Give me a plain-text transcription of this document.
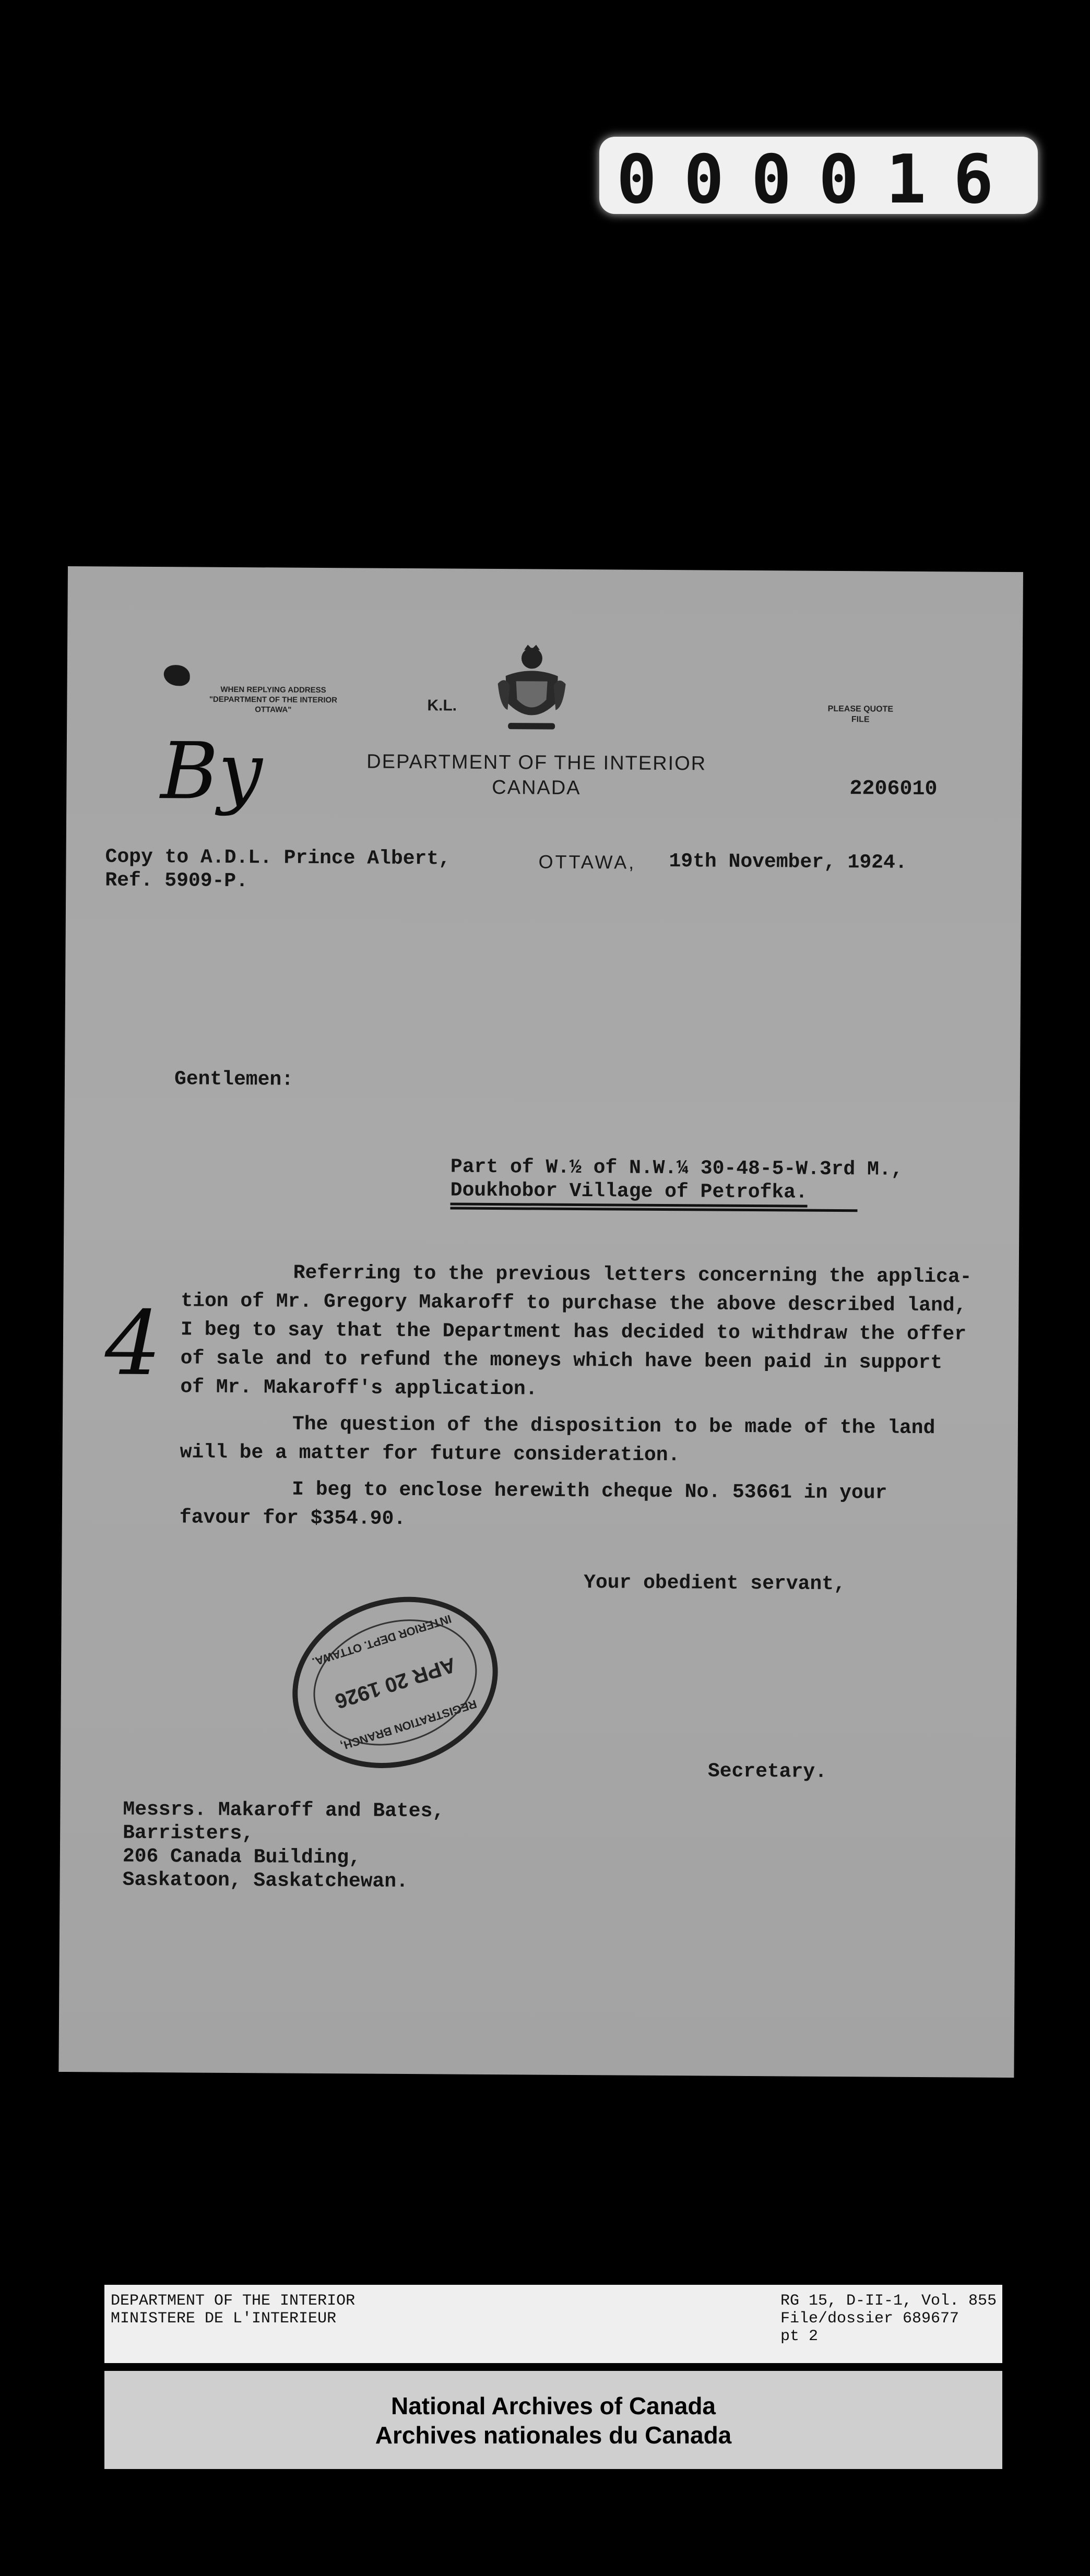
000016
WHEN REPLYING ADDRESS
"DEPARTMENT OF THE INTERIOR
OTTAWA"	K.L.
DEPARTMENT OF THE INTERIOR
CANADA
PLEASE QUOTE
FILE
2206010
By
Copy to A.D.L. Prince Albert,
Ref. 5909-P.
OTTAWA, 19th November, 1924.
Gentlemen:
Part of W.½ of N.W.¼ 30-48-5-W.3rd M.,
Doukhobor Village of Petrofka.
4
Referring to the previous letters concerning the applica-
tion of Mr. Gregory Makaroff to purchase the above described land,
I beg to say that the Department has decided to withdraw the offer
of sale and to refund the moneys which have been paid in support
of Mr. Makaroff's application.
The question of the disposition to be made of the land
will be a matter for future consideration.
I beg to enclose herewith cheque No. 53661 in your
favour for $354.90.
Your obedient servant,
REGISTRATION BRANCH,
APR 20 1926
INTERIOR DEPT. OTTAWA.
Secretary.
Messrs. Makaroff and Bates,
Barristers,
206 Canada Building,
Saskatoon, Saskatchewan.
DEPARTMENT OF THE INTERIOR
MINISTERE DE L'INTERIEUR
RG 15, D-II-1, Vol. 855
File/dossier 689677
pt 2
National Archives of Canada
Archives nationales du Canada
